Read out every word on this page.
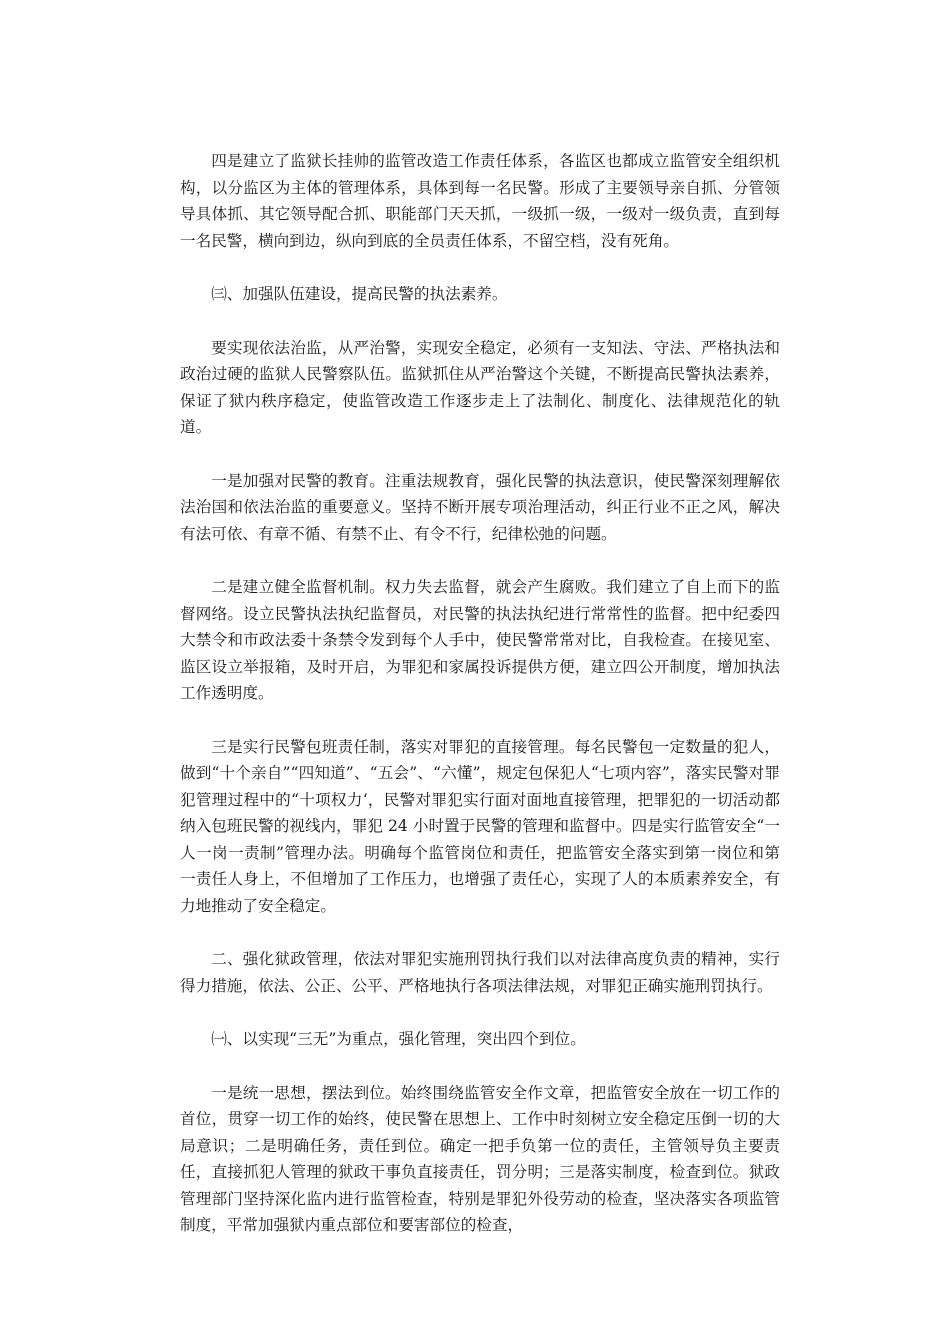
四是建立了监狱长挂帅的监管改造工作责任体系，各监区也都成立监管安全组织机构，以分监区为主体的管理体系，具体到每一名民警。形成了主要领导亲自抓、分管领导具体抓、其它领导配合抓、职能部门天天抓，一级抓一级，一级对一级负责，直到每一名民警，横向到边，纵向到底的全员责任体系，不留空档，没有死角。

㈢、加强队伍建设，提高民警的执法素养。

要实现依法治监，从严治警，实现安全稳定，必须有一支知法、守法、严格执法和政治过硬的监狱人民警察队伍。监狱抓住从严治警这个关键，不断提高民警执法素养，保证了狱内秩序稳定，使监管改造工作逐步走上了法制化、制度化、法律规范化的轨道。

一是加强对民警的教育。注重法规教育，强化民警的执法意识，使民警深刻理解依法治国和依法治监的重要意义。坚持不断开展专项治理活动，纠正行业不正之风，解决有法可依、有章不循、有禁不止、有令不行，纪律松弛的问题。

二是建立健全监督机制。权力失去监督，就会产生腐败。我们建立了自上而下的监督网络。设立民警执法执纪监督员，对民警的执法执纪进行常常性的监督。把中纪委四大禁令和市政法委十条禁令发到每个人手中，使民警常常对比，自我检查。在接见室、监区设立举报箱，及时开启，为罪犯和家属投诉提供方便，建立四公开制度，增加执法工作透明度。

三是实行民警包班责任制，落实对罪犯的直接管理。每名民警包一定数量的犯人，做到“十个亲自”“四知道”、“五会”、“六懂”，规定包保犯人“七项内容”，落实民警对罪犯管理过程中的“十项权力‘，民警对罪犯实行面对面地直接管理，把罪犯的一切活动都纳入包班民警的视线内，罪犯 24 小时置于民警的管理和监督中。四是实行监管安全“一人一岗一责制”管理办法。明确每个监管岗位和责任，把监管安全落实到第一岗位和第一责任人身上，不但增加了工作压力，也增强了责任心，实现了人的本质素养安全，有力地推动了安全稳定。

二、强化狱政管理，依法对罪犯实施刑罚执行我们以对法律高度负责的精神，实行得力措施，依法、公正、公平、严格地执行各项法律法规，对罪犯正确实施刑罚执行。

㈠、以实现“三无”为重点，强化管理，突出四个到位。

一是统一思想，摆法到位。始终围绕监管安全作文章，把监管安全放在一切工作的首位，贯穿一切工作的始终，使民警在思想上、工作中时刻树立安全稳定压倒一切的大局意识；二是明确任务，责任到位。确定一把手负第一位的责任，主管领导负主要责任，直接抓犯人管理的狱政干事负直接责任，罚分明；三是落实制度，检查到位。狱政管理部门坚持深化监内进行监管检查，特别是罪犯外役劳动的检查，坚决落实各项监管制度，平常加强狱内重点部位和要害部位的检查，
